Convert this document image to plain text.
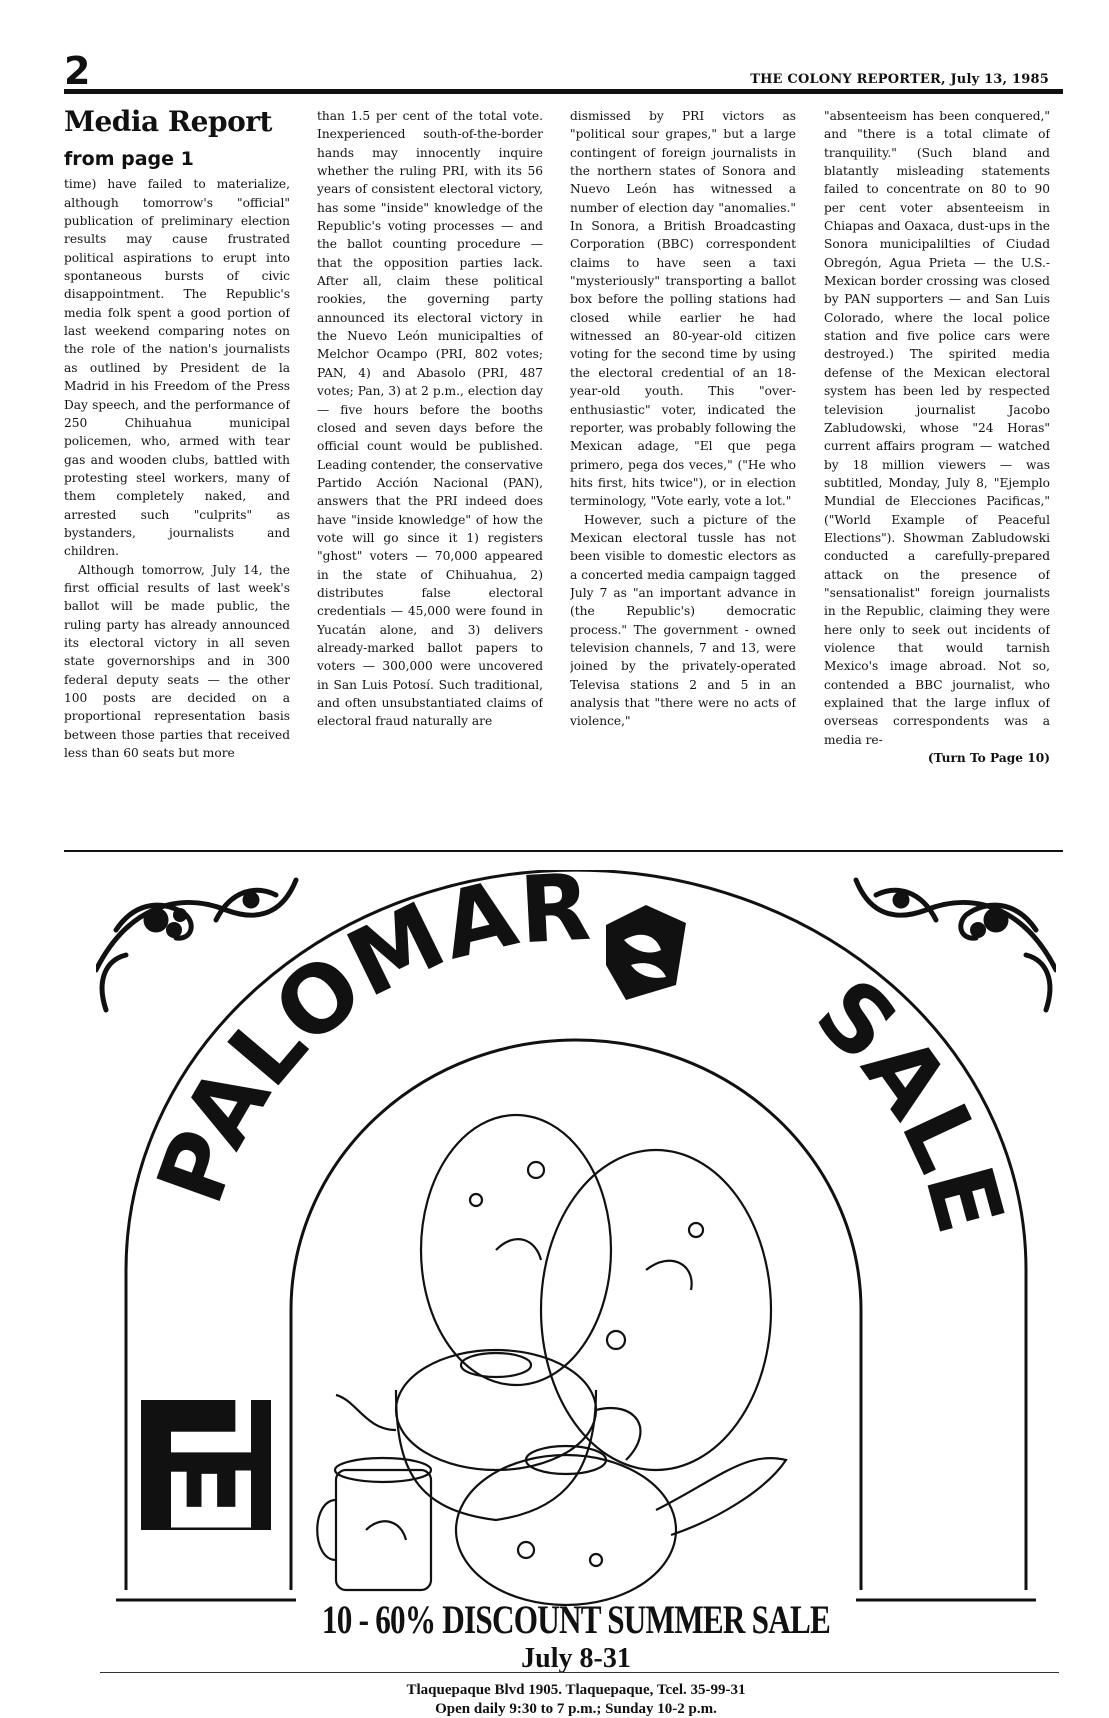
2	THE COLONY REPORTER, July 13, 1985
Media Report
from page 1

time) have failed to materialize, although tomorrow's "official" publication of preliminary election results may cause frustrated political aspirations to erupt into spontaneous bursts of civic disappointment. The Republic's media folk spent a good portion of last weekend comparing notes on the role of the nation's journalists as outlined by President de la Madrid in his Freedom of the Press Day speech, and the performance of 250 Chihuahua municipal policemen, who, armed with tear gas and wooden clubs, battled with protesting steel workers, many of them completely naked, and arrested such "culprits" as bystanders, journalists and children.

Although tomorrow, July 14, the first official results of last week's ballot will be made public, the ruling party has already announced its electoral victory in all seven state governorships and in 300 federal deputy seats — the other 100 posts are decided on a proportional representation basis between those parties that received less than 60 seats but more

than 1.5 per cent of the total vote. Inexperienced south-of-the-border hands may innocently inquire whether the ruling PRI, with its 56 years of consistent electoral victory, has some "inside" knowledge of the Republic's voting processes — and the ballot counting procedure — that the opposition parties lack. After all, claim these political rookies, the governing party announced its electoral victory in the Nuevo León municipalties of Melchor Ocampo (PRI, 802 votes; PAN, 4) and Abasolo (PRI, 487 votes; Pan, 3) at 2 p.m., election day — five hours before the booths closed and seven days before the official count would be published. Leading contender, the conservative Partido Acción Nacional (PAN), answers that the PRI indeed does have "inside knowledge" of how the vote will go since it 1) registers "ghost" voters — 70,000 appeared in the state of Chihuahua, 2) distributes false electoral credentials — 45,000 were found in Yucatán alone, and 3) delivers already-marked ballot papers to voters — 300,000 were uncovered in San Luis Potosí. Such traditional, and often unsubstantiated claims of electoral fraud naturally are

dismissed by PRI victors as "political sour grapes," but a large contingent of foreign journalists in the northern states of Sonora and Nuevo León has witnessed a number of election day "anomalies." In Sonora, a British Broadcasting Corporation (BBC) correspondent claims to have seen a taxi "mysteriously" transporting a ballot box before the polling stations had closed while earlier he had witnessed an 80-year-old citizen voting for the second time by using the electoral credential of an 18-year-old youth. This "over-enthusiastic" voter, indicated the reporter, was probably following the Mexican adage, "El que pega primero, pega dos veces," ("He who hits first, hits twice"), or in election terminology, "Vote early, vote a lot."

However, such a picture of the Mexican electoral tussle has not been visible to domestic electors as a concerted media campaign tagged July 7 as "an important advance in (the Republic's) democratic process." The government - owned television channels, 7 and 13, were joined by the privately-operated Televisa stations 2 and 5 in an analysis that "there were no acts of violence,"

"absenteeism has been conquered," and "there is a total climate of tranquility." (Such bland and blatantly misleading statements failed to concentrate on 80 to 90 per cent voter absenteeism in Chiapas and Oaxaca, dust-ups in the Sonora municipalilties of Ciudad Obregón, Agua Prieta — the U.S.-Mexican border crossing was closed by PAN supporters — and San Luis Colorado, where the local police station and five police cars were destroyed.) The spirited media defense of the Mexican electoral system has been led by respected television journalist Jacobo Zabludowski, whose "24 Horas" current affairs program — watched by 18 million viewers — was subtitled, Monday, July 8, "Ejemplo Mundial de Elecciones Pacificas," ("World Example of Peaceful Elections"). Showman Zabludowski conducted a carefully-prepared attack on the presence of "sensationalist" foreign journalists in the Republic, claiming they were here only to seek out incidents of violence that would tarnish Mexico's image abroad. Not so, contended a BBC journalist, who explained that the large influx of overseas correspondents was a media re-

(Turn To Page 10)

EL
PALOMAR
SALE
10 - 60% DISCOUNT SUMMER SALE
July 8-31
Tlaquepaque Blvd 1905. Tlaquepaque, Tcel. 35-99-31
Open daily 9:30 to 7 p.m.; Sunday 10-2 p.m.
